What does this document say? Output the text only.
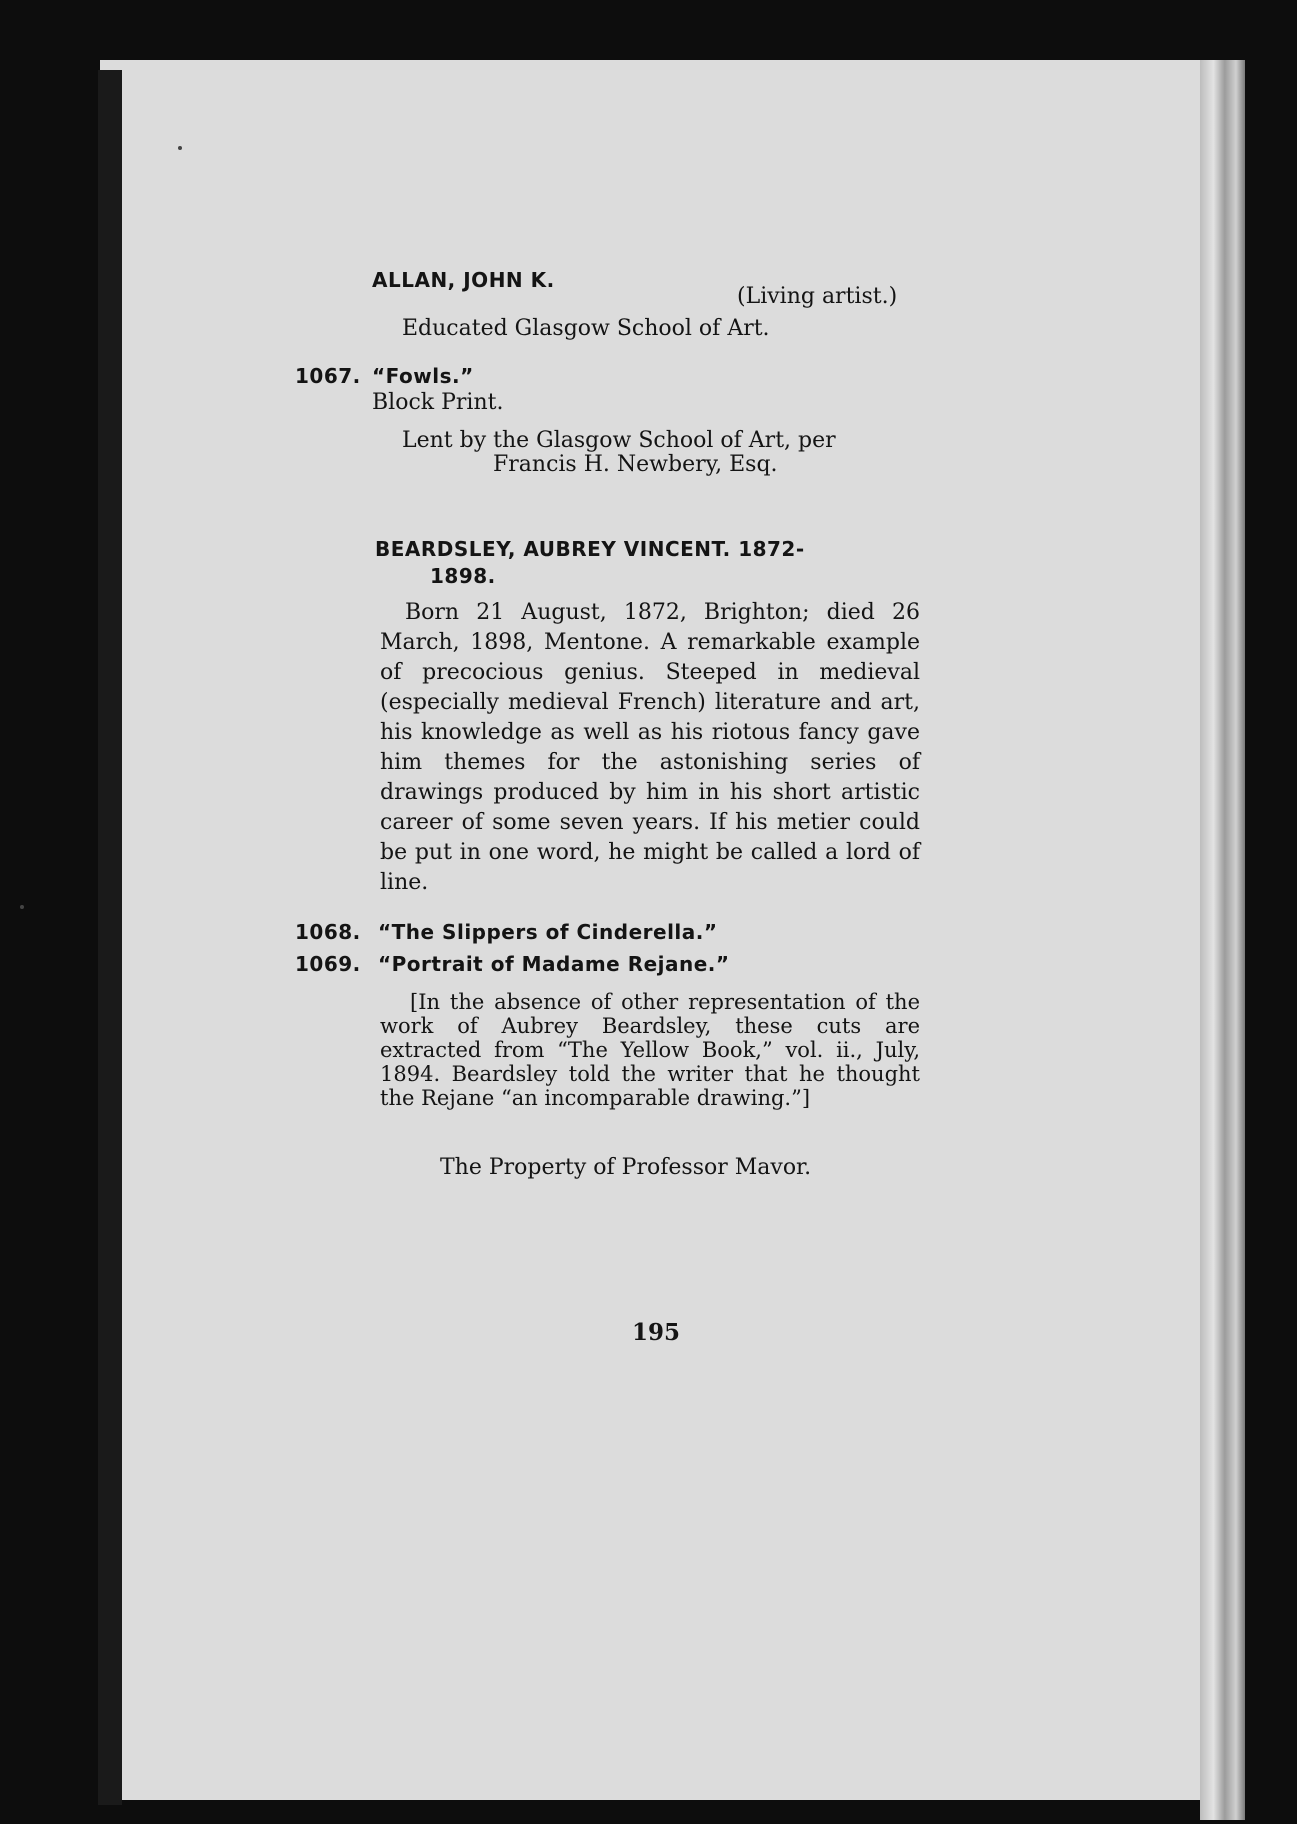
ALLAN, JOHN K.
(Living artist.)
Educated Glasgow School of Art.
1067. “Fowls.”
Block Print.
Lent by the Glasgow School of Art, per
Francis H. Newbery, Esq.
BEARDSLEY, AUBREY VINCENT. 1872-
1898.
Born 21 August, 1872, Brighton; died 26 March, 1898, Mentone. A remarkable example of precocious genius. Steeped in medieval (especially medieval French) literature and art, his knowledge as well as his riotous fancy gave him themes for the astonishing series of drawings produced by him in his short artistic career of some seven years. If his metier could be put in one word, he might be called a lord of line.
1068. “The Slippers of Cinderella.”
1069. “Portrait of Madame Rejane.”
[In the absence of other representation of the work of Aubrey Beardsley, these cuts are extracted from “The Yellow Book,” vol. ii., July, 1894. Beardsley told the writer that he thought the Rejane “an incomparable drawing.”]
The Property of Professor Mavor.
195
